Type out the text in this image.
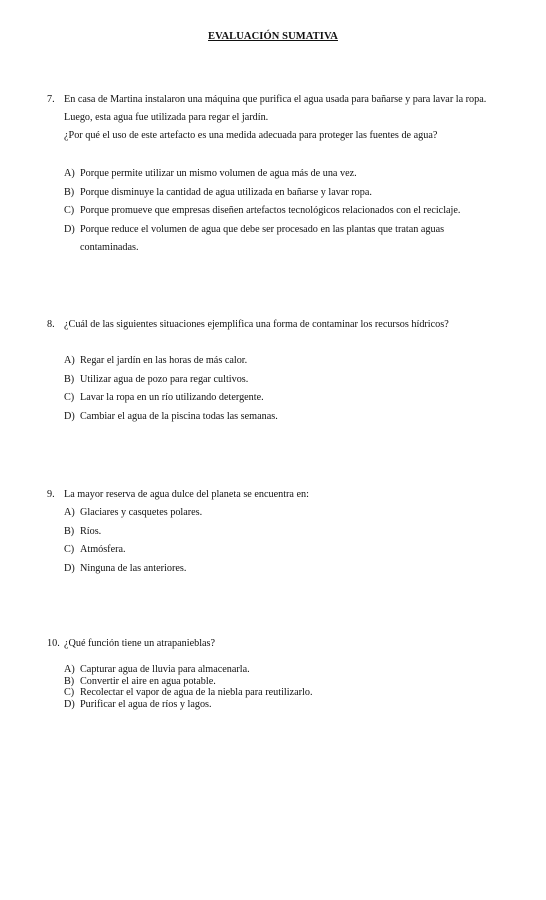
EVALUACIÓN SUMATIVA
7. En casa de Martina instalaron una máquina que purifica el agua usada para bañarse y para lavar la ropa.
Luego, esta agua fue utilizada para regar el jardín.
¿Por qué el uso de este artefacto es una medida adecuada para proteger las fuentes de agua?
A) Porque permite utilizar un mismo volumen de agua más de una vez.
B) Porque disminuye la cantidad de agua utilizada en bañarse y lavar ropa.
C) Porque promueve que empresas diseñen artefactos tecnológicos relacionados con el reciclaje.
D) Porque reduce el volumen de agua que debe ser procesado en las plantas que tratan aguas
contaminadas.
8. ¿Cuál de las siguientes situaciones ejemplifica una forma de contaminar los recursos hídricos?
A) Regar el jardín en las horas de más calor.
B) Utilizar agua de pozo para regar cultivos.
C) Lavar la ropa en un río utilizando detergente.
D) Cambiar el agua de la piscina todas las semanas.
9. La mayor reserva de agua dulce del planeta se encuentra en:
A) Glaciares y casquetes polares.
B) Ríos.
C) Atmósfera.
D) Ninguna de las anteriores.
10. ¿Qué función tiene un atrapanieblas?
A) Capturar agua de lluvia para almacenarla.
B) Convertir el aire en agua potable.
C) Recolectar el vapor de agua de la niebla para reutilizarlo.
D) Purificar el agua de ríos y lagos.
